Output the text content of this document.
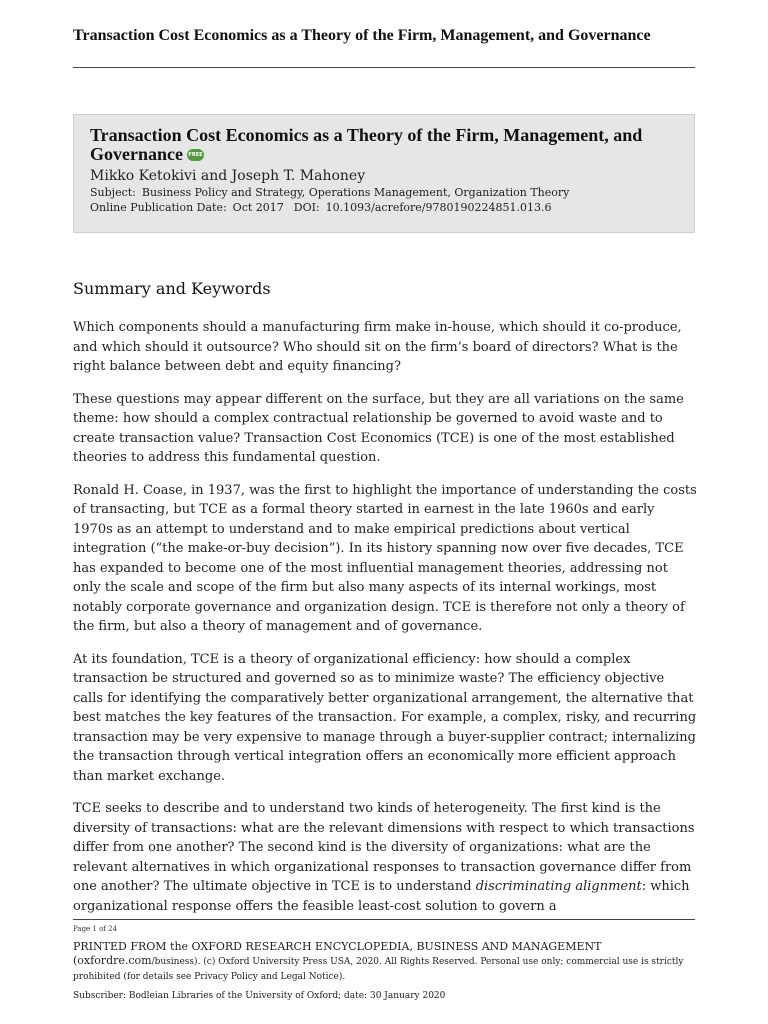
Transaction Cost Economics as a Theory of the Firm, Management, and Governance
Transaction Cost Economics as a Theory of the Firm, Management, and Governance FREE
Mikko Ketokivi and Joseph T. Mahoney
Subject: Business Policy and Strategy, Operations Management, Organization Theory
Online Publication Date: Oct 2017 DOI: 10.1093/acrefore/9780190224851.013.6
Summary and Keywords

Which components should a manufacturing firm make in-house, which should it co-produce, and which should it outsource? Who should sit on the firm’s board of directors? What is the right balance between debt and equity financing?

These questions may appear different on the surface, but they are all variations on the same theme: how should a complex contractual relationship be governed to avoid waste and to create transaction value? Transaction Cost Economics (TCE) is one of the most established theories to address this fundamental question.

Ronald H. Coase, in 1937, was the first to highlight the importance of understanding the costs of transacting, but TCE as a formal theory started in earnest in the late 1960s and early 1970s as an attempt to understand and to make empirical predictions about vertical integration (“the make-or-buy decision”). In its history spanning now over five decades, TCE has expanded to become one of the most influential management theories, addressing not only the scale and scope of the firm but also many aspects of its internal workings, most notably corporate governance and organization design. TCE is therefore not only a theory of the firm, but also a theory of management and of governance.

At its foundation, TCE is a theory of organizational efficiency: how should a complex transaction be structured and governed so as to minimize waste? The efficiency objective calls for identifying the comparatively better organizational arrangement, the alternative that best matches the key features of the transaction. For example, a complex, risky, and recurring transaction may be very expensive to manage through a buyer-supplier contract; internalizing the transaction through vertical integration offers an economically more efficient approach than market exchange.

TCE seeks to describe and to understand two kinds of heterogeneity. The first kind is the diversity of transactions: what are the relevant dimensions with respect to which transactions differ from one another? The second kind is the diversity of organizations: what are the relevant alternatives in which organizational responses to transaction governance differ from one another? The ultimate objective in TCE is to understand discriminating alignment: which organizational response offers the feasible least-cost solution to govern a

Page 1 of 24
PRINTED FROM the OXFORD RESEARCH ENCYCLOPEDIA, BUSINESS AND MANAGEMENT
(oxfordre.com/business). (c) Oxford University Press USA, 2020. All Rights Reserved. Personal use only; commercial use is strictly prohibited (for details see Privacy Policy and Legal Notice).
Subscriber: Bodleian Libraries of the University of Oxford; date: 30 January 2020
